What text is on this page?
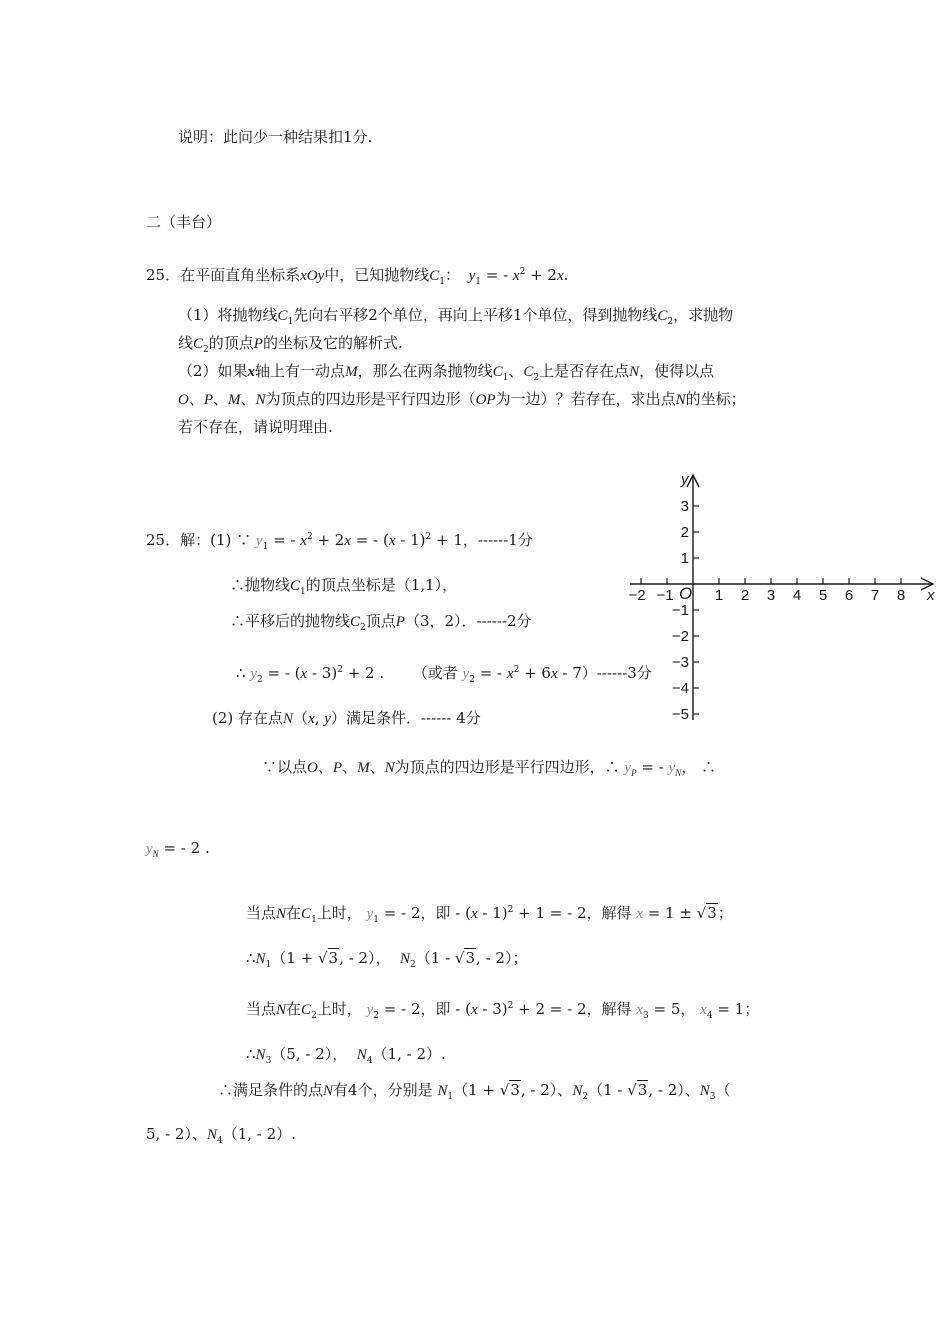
说明：此问少一种结果扣1分.
二（丰台）
25．在平面直角坐标系xOy中，已知抛物线$C_1$：  $y_1$ = - $x^2 + 2x$.
（1）将抛物线$C_1$先向右平移2个单位，再向上平移1个单位，得到抛物线$C_2$，求抛物
线$C_2$的顶点P的坐标及它的解析式.
（2）如果x轴上有一动点M，那么在两条抛物线$C_1$、$C_2$上是否存在点N，使得以点
O、P、M、N为顶点的四边形是平行四边形（OP为一边）？若存在，求出点N的坐标；
若不存在，请说明理由.
−2 −1	1 2 3 4 5 6 7 8
3
2
1
−1
−2
−3
−4
−5
O	x
y
25．解：(1) ∵ $y_1$ = - $x^2 + 2x$ = - (x - 1)$^2$ + 1，------1分
∴抛物线$C_1$的顶点坐标是（1,1），
∴平移后的抛物线$C_2$顶点P（3，2）．------2分
∴ $y_2$ = - (x - 3)$^2$ + 2 .      （或者 $y_2$ = - $x^2 + 6x - 7)------3$分
(2) 存在点N（x, y）满足条件．------ 4分
∵以点O、P、M、N为顶点的四边形是平行四边形，∴ $y_P$ = - $y_N$， ∴
$y_N$ = - 2 .
当点N在$C_1$上时， $y_1$ = - 2，即 - (x - 1)$^2$ + 1 = - 2，解得 x = 1 ± √3；
$\therefore N_1(1 + √3$, - 2），  $N_2(1 - √3$, - 2）；
当点N在$C_2$上时， $y_2$ = - 2，即 - (x - 3)$^2$ + 2 = - 2，解得 $x_3 = 5$， $x_4 = 1$；
$\therefore N_3(5$, - 2），  $N_4(1$, - 2）.
∴满足条件的点N有4个，分别是 $N_1(1 + √3$, - 2）、$N_2(1 - √3$, - 2）、$N_3$（
5, - 2）、$N_4(1$, - 2）.
